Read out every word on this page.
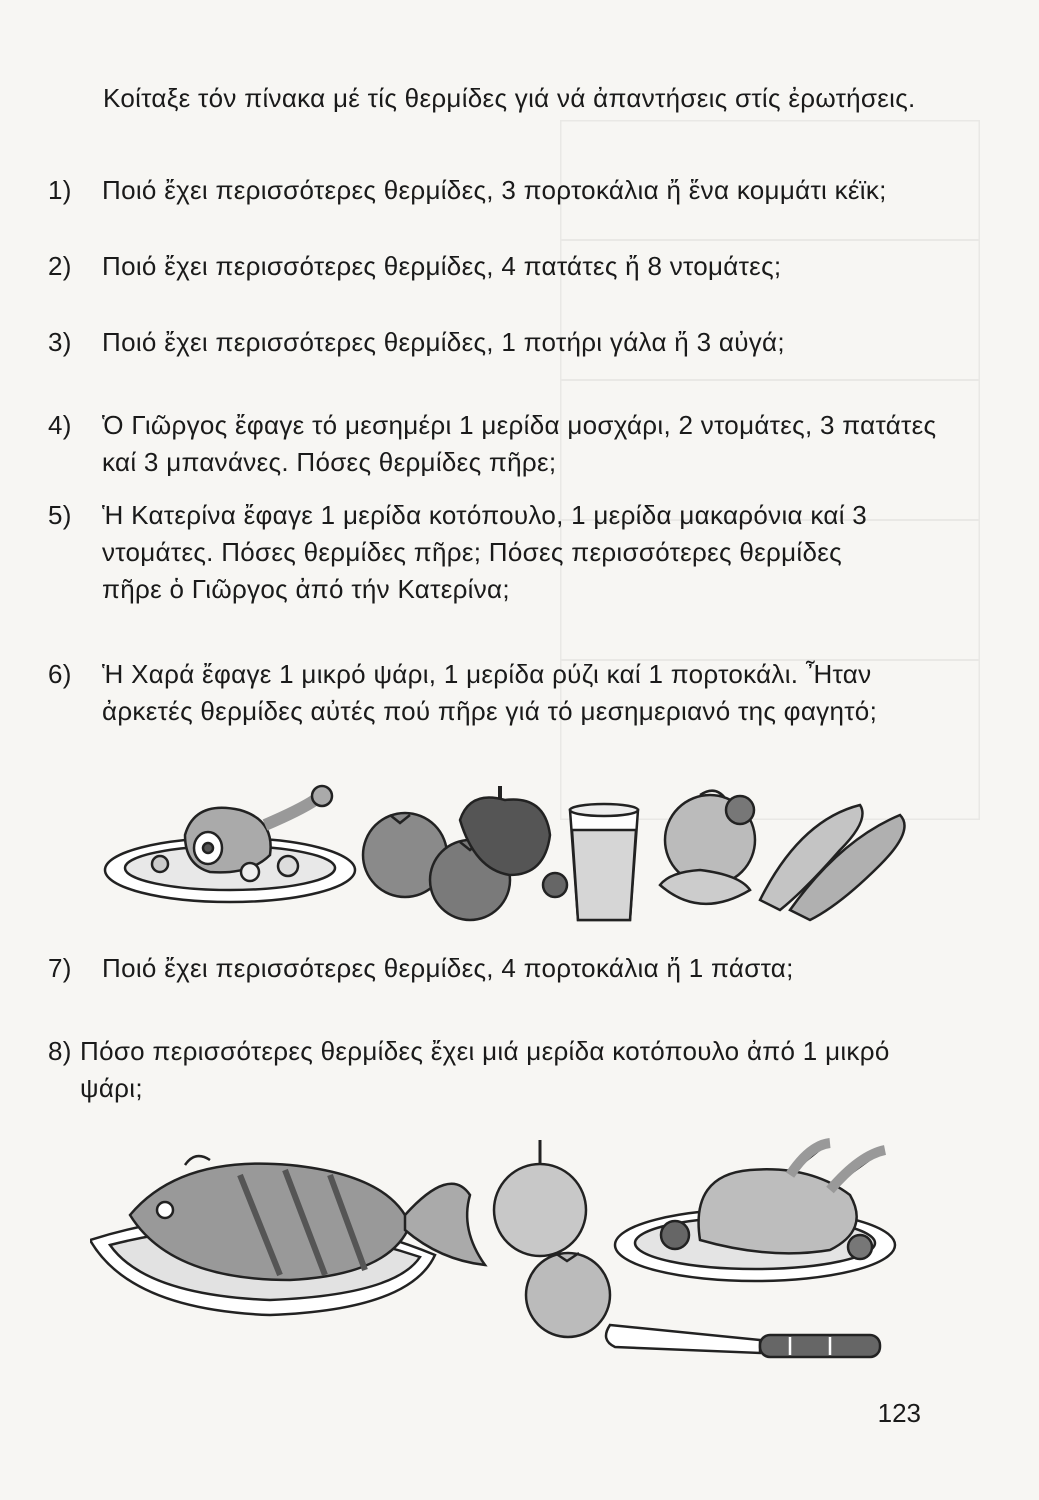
Κοίταξε τόν πίνακα μέ τίς θερμίδες γιά νά ἀπαντήσεις στίς ἐρωτήσεις.
1)	Ποιό ἔχει περισσότερες θερμίδες, 3 πορτοκάλια ἤ ἕνα κομμάτι κέϊκ;
2)	Ποιό ἔχει περισσότερες θερμίδες, 4 πατάτες ἤ 8 ντομάτες;
3)	Ποιό ἔχει περισσότερες θερμίδες, 1 ποτήρι γάλα ἤ 3 αὐγά;
4)	Ὁ Γιῶργος ἔφαγε τό μεσημέρι 1 μερίδα μοσχάρι, 2 ντομάτες, 3 πατάτες καί 3 μπανάνες. Πόσες θερμίδες πῆρε;
5)	Ἡ Κατερίνα ἔφαγε 1 μερίδα κοτόπουλο, 1 μερίδα μακαρόνια καί 3 ντομάτες. Πόσες θερμίδες πῆρε; Πόσες περισσότερες θερμίδες πῆρε ὁ Γιῶργος ἀπό τήν Κατερίνα;
6)	Ἡ Χαρά ἔφαγε 1 μικρό ψάρι, 1 μερίδα ρύζι καί 1 πορτοκάλι. Ἦταν ἀρκετές θερμίδες αὐτές πού πῆρε γιά τό μεσημεριανό της φαγητό;
7)	Ποιό ἔχει περισσότερες θερμίδες, 4 πορτοκάλια ἤ 1 πάστα;
8) Πόσο περισσότερες θερμίδες ἔχει μιά μερίδα κοτόπουλο ἀπό 1 μικρό ψάρι;
123
